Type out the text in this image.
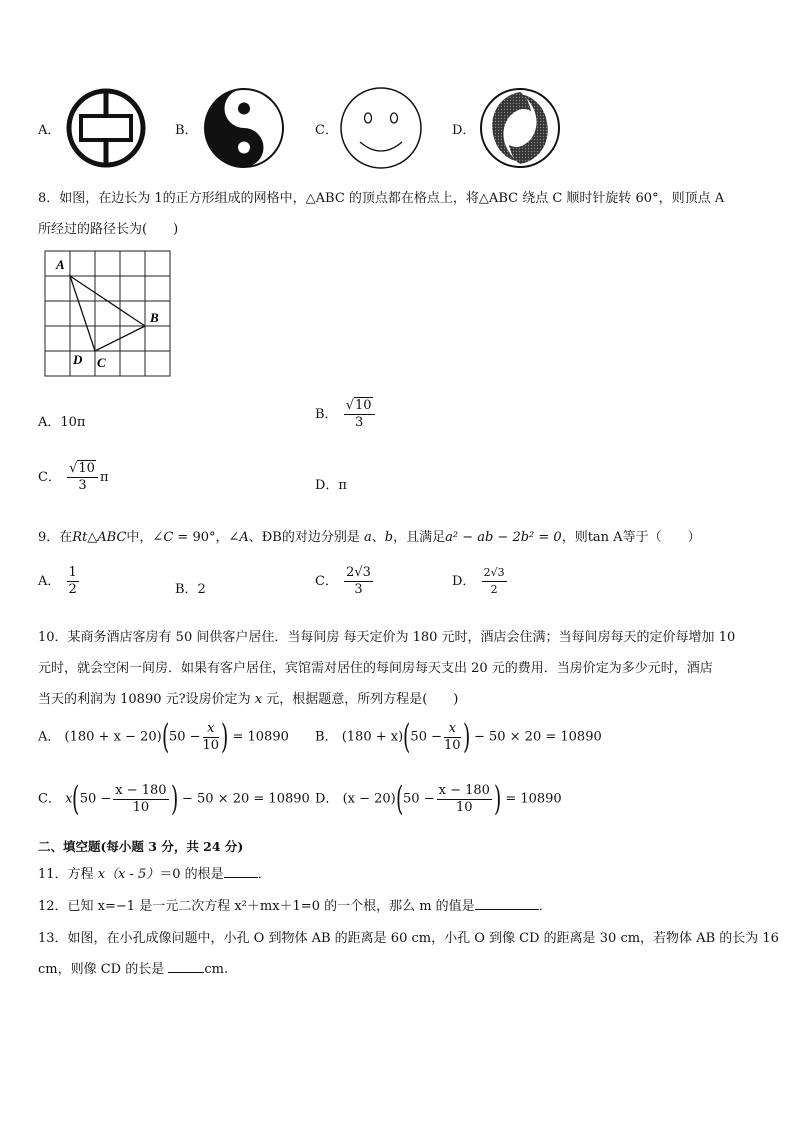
A．	B．	C．	D．
8．如图，在边长为 1的正方形组成的网格中，△ABC 的顶点都在格点上，将△ABC 绕点 C 顺时针旋转 60°，则顶点 A
所经过的路径长为(　　)
A
B
C
D
A．10π
B． $\frac{√10}{3}$
C． $\frac{√10}{3}$ π
D．π
9．在Rt△ABC中，∠C = 90°，∠A、ÐB的对边分别是 a、b，且满足a² − ab − 2b² = 0，则tan A等于（　　）
A． $\frac{1}{2}$	B．2
C． $\frac{2√3}{3}$	D． $\frac{2√3}{2}$
10．某商务酒店客房有 50 间供客户居住．当每间房 每天定价为 180 元时，酒店会住满；当每间房每天的定价每增加 10
元时，就会空闲一间房．如果有客户居住，宾馆需对居住的每间房每天支出 20 元的费用．当房价定为多少元时，酒店
当天的利润为 10890 元?设房价定为 x 元，根据题意，所列方程是(　　)
A． $(180 + x - 20)(50 - \frac{x}{10}$ ) = 10890 B． $(180 + x)(50 - \frac{x}{10}$ ) − 50 × 20 = 10890
C． $x(50 - \frac{x - 180}{10}$ ) − 50 × 20 = 10890 D． $(x - 20)(50 - \frac{x - 180}{10}$ ) = 10890
二、填空题(每小题 3 分，共 24 分)
11．方程 x（x - 5）＝0 的根是	．
12．已知 x=−1 是一元二次方程 x²＋mx＋1=0 的一个根，那么 m 的值是	．
13．如图，在小孔成像问题中，小孔 O 到物体 AB 的距离是 60 cm，小孔 O 到像 CD 的距离是 30 cm，若物体 AB 的长为 16
cm，则像 CD 的长是	cm.
